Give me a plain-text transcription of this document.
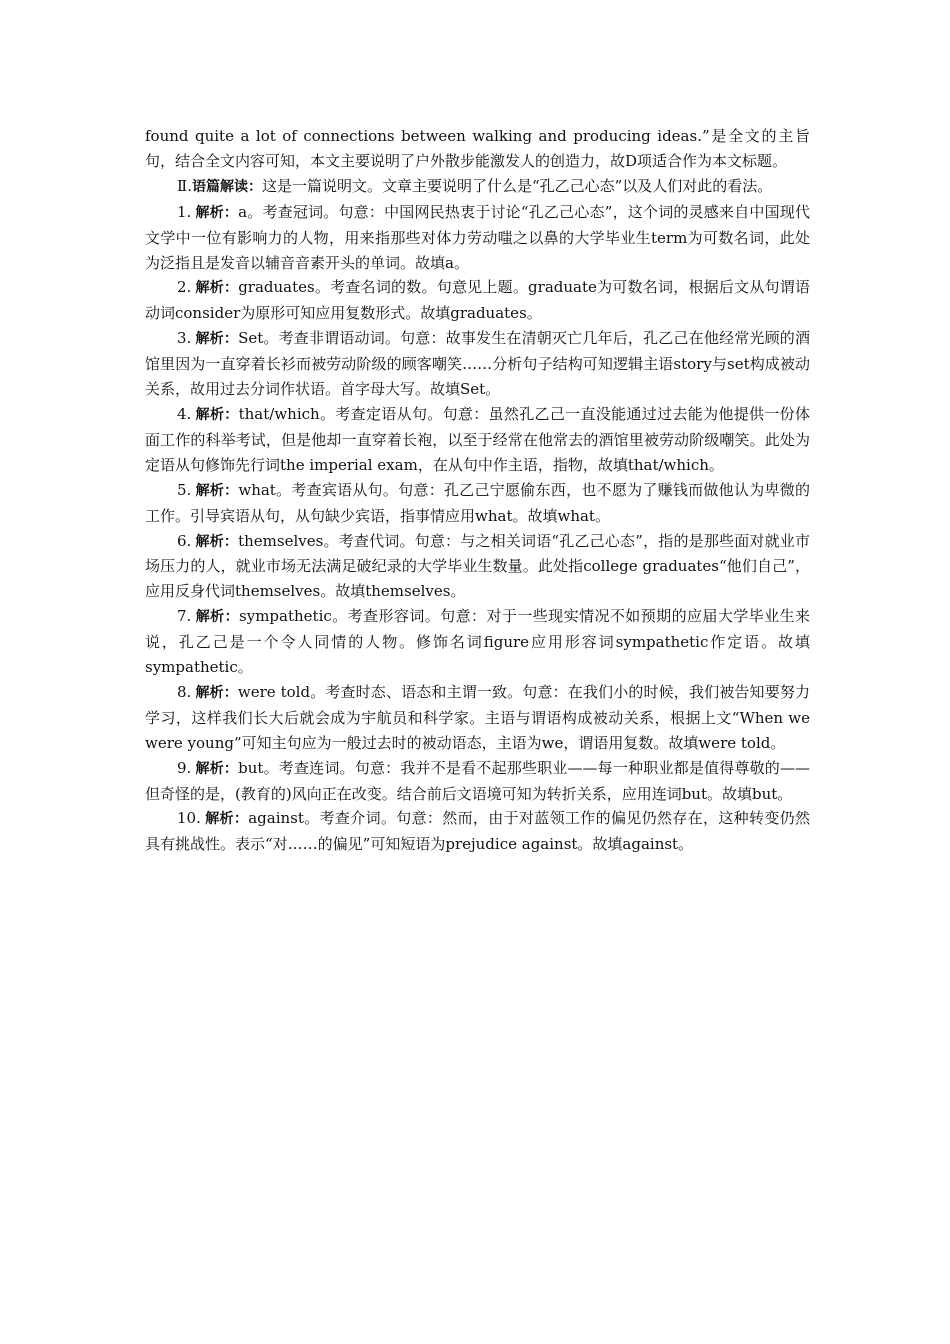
found quite a lot of connections between walking and producing ideas.”是全文的主旨句，结合全文内容可知，本文主要说明了户外散步能激发人的创造力，故D项适合作为本文标题。

Ⅱ.语篇解读：这是一篇说明文。文章主要说明了什么是“孔乙己心态”以及人们对此的看法。

1. 解析：a。考查冠词。句意：中国网民热衷于讨论“孔乙己心态”，这个词的灵感来自中国现代文学中一位有影响力的人物，用来指那些对体力劳动嗤之以鼻的大学毕业生term为可数名词，此处为泛指且是发音以辅音音素开头的单词。故填a。

2. 解析：graduates。考查名词的数。句意见上题。graduate为可数名词，根据后文从句谓语动词consider为原形可知应用复数形式。故填graduates。

3. 解析：Set。考查非谓语动词。句意：故事发生在清朝灭亡几年后，孔乙己在他经常光顾的酒馆里因为一直穿着长衫而被劳动阶级的顾客嘲笑……分析句子结构可知逻辑主语story与set构成被动关系，故用过去分词作状语。首字母大写。故填Set。

4. 解析：that/which。考查定语从句。句意：虽然孔乙己一直没能通过过去能为他提供一份体面工作的科举考试，但是他却一直穿着长袍，以至于经常在他常去的酒馆里被劳动阶级嘲笑。此处为定语从句修饰先行词the imperial exam，在从句中作主语，指物，故填that/which。

5. 解析：what。考查宾语从句。句意：孔乙己宁愿偷东西，也不愿为了赚钱而做他认为卑微的工作。引导宾语从句，从句缺少宾语，指事情应用what。故填what。

6. 解析：themselves。考查代词。句意：与之相关词语“孔乙己心态”，指的是那些面对就业市场压力的人，就业市场无法满足破纪录的大学毕业生数量。此处指college graduates“他们自己”，应用反身代词themselves。故填themselves。

7. 解析：sympathetic。考查形容词。句意：对于一些现实情况不如预期的应届大学毕业生来说，孔乙己是一个令人同情的人物。修饰名词figure应用形容词sympathetic作定语。故填sympathetic。

8. 解析：were told。考查时态、语态和主谓一致。句意：在我们小的时候，我们被告知要努力学习，这样我们长大后就会成为宇航员和科学家。主语与谓语构成被动关系，根据上文“When we were young”可知主句应为一般过去时的被动语态，主语为we，谓语用复数。故填were told。

9. 解析：but。考查连词。句意：我并不是看不起那些职业——每一种职业都是值得尊敬的——但奇怪的是，(教育的)风向正在改变。结合前后文语境可知为转折关系，应用连词but。故填but。

10. 解析：against。考查介词。句意：然而，由于对蓝领工作的偏见仍然存在，这种转变仍然具有挑战性。表示“对……的偏见”可知短语为prejudice against。故填against。
